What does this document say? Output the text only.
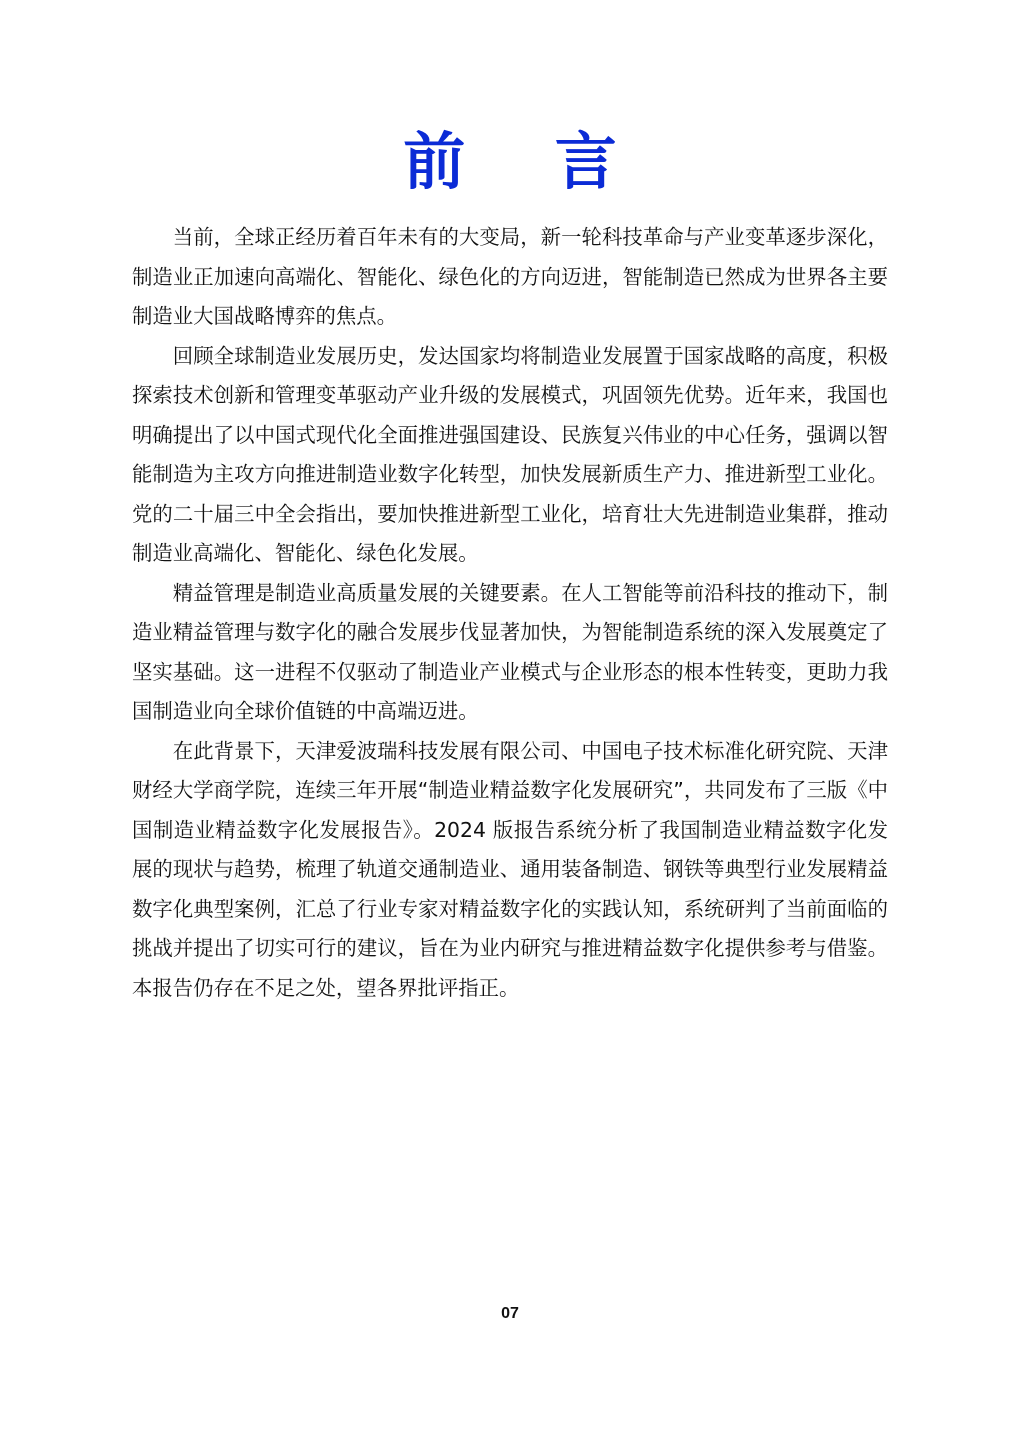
前 言

当前，全球正经历着百年未有的大变局，新一轮科技革命与产业变革逐步深化，制造业正加速向高端化、智能化、绿色化的方向迈进，智能制造已然成为世界各主要制造业大国战略博弈的焦点。

回顾全球制造业发展历史，发达国家均将制造业发展置于国家战略的高度，积极探索技术创新和管理变革驱动产业升级的发展模式，巩固领先优势。近年来，我国也明确提出了以中国式现代化全面推进强国建设、民族复兴伟业的中心任务，强调以智能制造为主攻方向推进制造业数字化转型，加快发展新质生产力、推进新型工业化。党的二十届三中全会指出，要加快推进新型工业化，培育壮大先进制造业集群，推动制造业高端化、智能化、绿色化发展。

精益管理是制造业高质量发展的关键要素。在人工智能等前沿科技的推动下，制造业精益管理与数字化的融合发展步伐显著加快，为智能制造系统的深入发展奠定了坚实基础。这一进程不仅驱动了制造业产业模式与企业形态的根本性转变，更助力我国制造业向全球价值链的中高端迈进。

在此背景下，天津爱波瑞科技发展有限公司、中国电子技术标准化研究院、天津财经大学商学院，连续三年开展“制造业精益数字化发展研究”，共同发布了三版《中国制造业精益数字化发展报告》。2024 版报告系统分析了我国制造业精益数字化发展的现状与趋势，梳理了轨道交通制造业、通用装备制造、钢铁等典型行业发展精益数字化典型案例，汇总了行业专家对精益数字化的实践认知，系统研判了当前面临的挑战并提出了切实可行的建议，旨在为业内研究与推进精益数字化提供参考与借鉴。本报告仍存在不足之处，望各界批评指正。

07
